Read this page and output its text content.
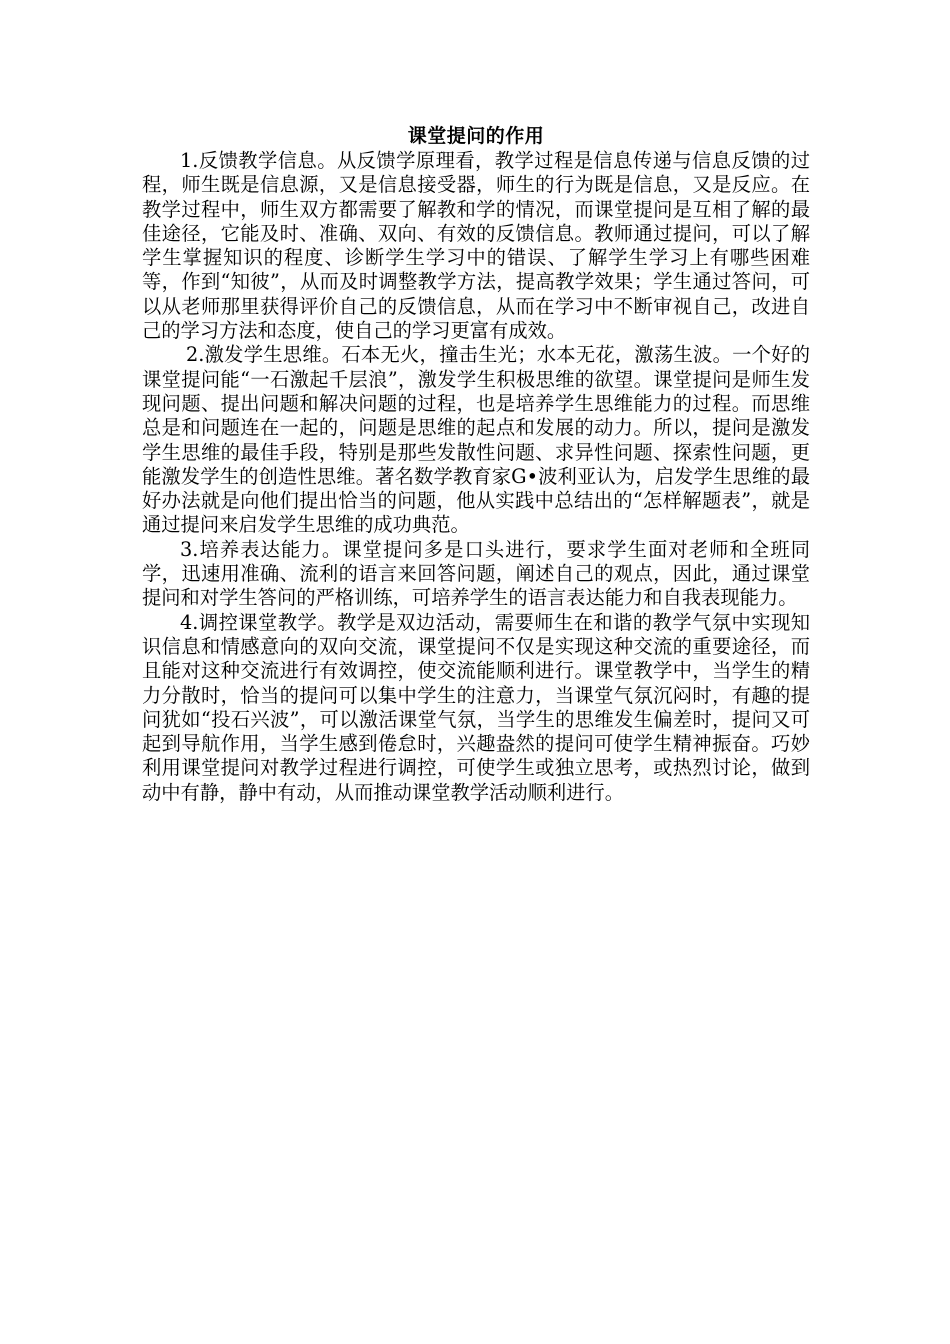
课堂提问的作用

1.反馈教学信息。从反馈学原理看，教学过程是信息传递与信息反馈的过程，师生既是信息源，又是信息接受器，师生的行为既是信息，又是反应。在教学过程中，师生双方都需要了解教和学的情况，而课堂提问是互相了解的最佳途径，它能及时、准确、双向、有效的反馈信息。教师通过提问，可以了解学生掌握知识的程度、诊断学生学习中的错误、了解学生学习上有哪些困难等，作到“知彼”，从而及时调整教学方法，提高教学效果；学生通过答问，可以从老师那里获得评价自己的反馈信息，从而在学习中不断审视自己，改进自己的学习方法和态度，使自己的学习更富有成效。

2.激发学生思维。石本无火，撞击生光；水本无花，激荡生波。一个好的课堂提问能“一石激起千层浪”，激发学生积极思维的欲望。课堂提问是师生发现问题、提出问题和解决问题的过程，也是培养学生思维能力的过程。而思维总是和问题连在一起的，问题是思维的起点和发展的动力。所以，提问是激发学生思维的最佳手段，特别是那些发散性问题、求异性问题、探索性问题，更能激发学生的创造性思维。著名数学教育家G•波利亚认为，启发学生思维的最好办法就是向他们提出恰当的问题，他从实践中总结出的“怎样解题表”，就是通过提问来启发学生思维的成功典范。

3.培养表达能力。课堂提问多是口头进行，要求学生面对老师和全班同学，迅速用准确、流利的语言来回答问题，阐述自己的观点，因此，通过课堂提问和对学生答问的严格训练，可培养学生的语言表达能力和自我表现能力。

4.调控课堂教学。教学是双边活动，需要师生在和谐的教学气氛中实现知识信息和情感意向的双向交流，课堂提问不仅是实现这种交流的重要途径，而且能对这种交流进行有效调控，使交流能顺利进行。课堂教学中，当学生的精力分散时，恰当的提问可以集中学生的注意力，当课堂气氛沉闷时，有趣的提问犹如“投石兴波”，可以激活课堂气氛，当学生的思维发生偏差时，提问又可起到导航作用，当学生感到倦怠时，兴趣盎然的提问可使学生精神振奋。巧妙利用课堂提问对教学过程进行调控，可使学生或独立思考，或热烈讨论，做到动中有静，静中有动，从而推动课堂教学活动顺利进行。
